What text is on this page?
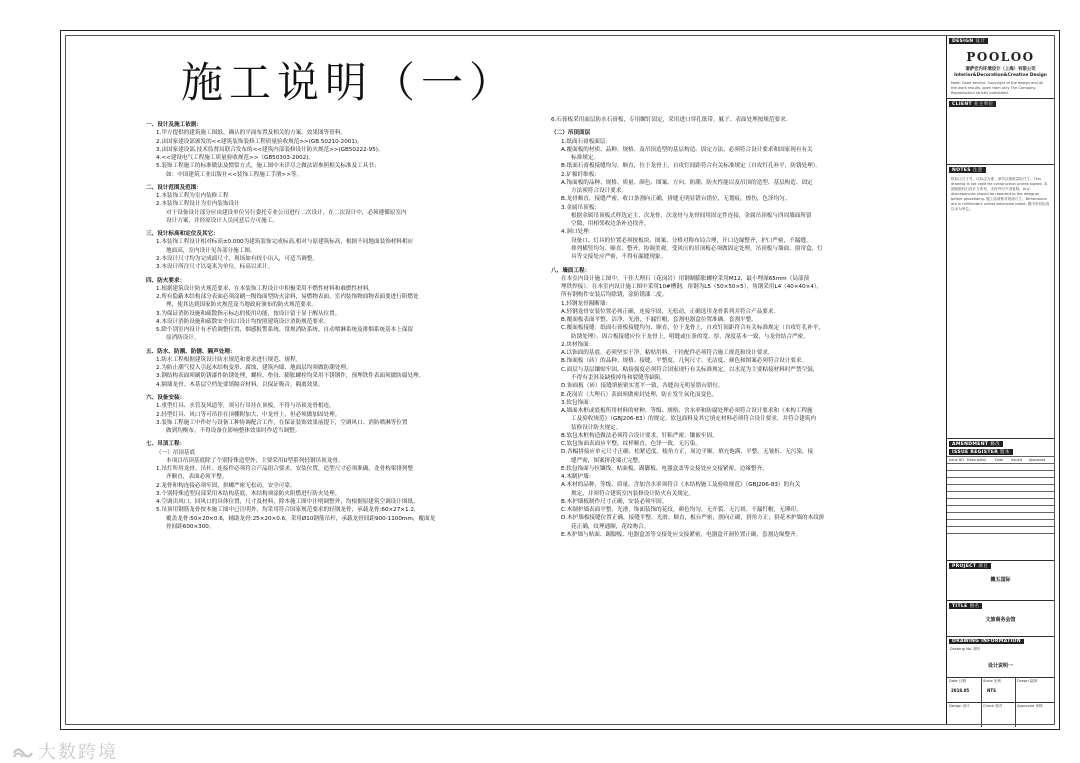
施工说明（一）
一、设计及施工依据：
1.甲方提供的建筑施工图纸、确认的平面布置及相关的方案、效果图等资料。
2.由国家建设部颁发的<<建筑装饰装修工程质量验收规范>>(GB.50210-2001)。
3.由国家建设部,技术监督局联合发布的<<建筑内部装修设计防火规范>>(GB50222-95)。
4.<<建设电气工程施工质量验收规范>>（GB50303-2002)。
5.装饰工程施工的标准做法及惯常方式，施工图中未详尽之做法请参照相关标准及工具书；
如：中国建筑工业出版社<<装饰工程施工手册>>等。
二、设计范围及范围：
1.本装饰工程为室内装修工程
2.本装饰工程设计为室内装饰设计
对于设备设计部分应由建设单位另行委托专业公司进行二次设计，在二次设计中，必须遵循原室内
设计方案，并经原设计人员同意后方可施工。
三、设计标高和定位及其它：
1.本装饰工程设计相对标高±0.000为建筑装饰完成标高,相对与原建筑标高，根据不同地面装饰材料相应
地面高，室内设计见各部分施工图。
2.本设计尺寸均为完成面尺寸，现场如有较小出入，可适当调整。
3.本设计所注尺寸以毫米为单位，标高以米计。
四、防火要求：
1.根据建筑设计防火规范要求，在本装饰工程设计中积极采用不燃性材料和难燃性材料。
2.所有隐蔽木结构部分表面必须涂刷一级饰面型防火涂料，易燃物表面、室内装饰物面物表面要进行阻燃处
理，使其达到国家防火规范及当地政府颁布的防火规范要求。
3.为保证消防设施和疏散指示标志的使用功能，按设计留于显于醒从位置。
4.本设计消防设施和疏散安全出口设计均按照建筑设计消防规范要求。
5.除个别室内设计有矛盾调整位置，烟感报警系统、常规消防系统、自动喷淋系统及排烟系统基本上保留
原消防设计。
五、防水、防潮、防锈、隔声处理：
1.防水工程根据建筑设计防水规范和要求进行规范、规程。
2.为防止潮气侵入引起木结构变形、腐蚀，建筑内墙、地面层均须做防潮处理。
3.钢结构表面须刷防锈漆作防锈处理，螺栓、垫母、膨胀螺栓均采用不锈钢件，预埋铁件表面须做防腐处理。
4.隔墙龙骨、木基层空档处要填隔音材料，以保证吸音、隔离效果。
六、设备安装：
1.重型灯具、水管及风道等，须另行吊挂在顶板，不得与吊顶龙骨相连。
2.轻型灯具、风口等可吊挂在顶棚附加大、中龙骨上，但必须做加固处理。
3.装饰工程施工中作好与设备工种协调配合工作，在保证装饰效果前提下，空调风口、消防喷淋等位置
做到均衡布，不得设备在影响整体效果时作适当调整。
七、吊顶工程：
（一）吊顶基底
本项目吊顶基底除了个别特殊造型外，主要采用U型系列轻钢吊顶龙骨。
1.吊灯所用龙骨、吊杆、连接件必须符合产品组合要求，安装位置，造型尺寸必须准确，龙骨构架排列整
齐顺直，表面必须平整。
2.龙骨和构连接必须牢固，拼螺严密无松动，安全可靠。
3.个别特殊造型局部采用木结构基底，木结构须涂防火阻燃进行防火处理。
4.空调出风口、回风口的具体位置，尺寸及材料，除本施工图中注明调整外，均根据原建筑空调设计图纸。
5.吊顶用钢筋龙骨按本施工图中已注明外，均采用符合国家规范要求的轻钢龙骨，承载龙骨:60×27×1.2,
覆盖龙骨:50×20×0.6，辅助龙骨:25×20×0.6，采用Ø10钢筋吊杆，承载龙骨间距900-1100mm，覆面龙
骨间距600×300。
6.石膏板采用面层防水石膏板，专用螺钉固定，采用进口穿孔纸带，腻子、表面处理按规范要求。
（二）吊顶面层
1.纸面石膏板面层：
A.覆面板的材质、品种、规格、及吊顶造型的基层构造、固定方法，必须符合设计要求和国家现有有关
标准规定。
B.纸面石膏板接缝均匀、顺直，位于龙骨上，自攻钉间距符合有关标准规定（自攻钉孔补平，防锈处理）。
2.矿棉纤维板：
A.饰面板的品种、规格、质量、颜色、图案、方向、防潮、防火性能以及吊顶的造型、基层构造、固定
方法须符合设计要求。
B.龙骨顺直，接缝严密，收口条割向正确，拼缝无明显错台错位，无划痕，擦伤，色泽均匀。
3.金属吊顶板：
根据金属吊顶板式样选定主、次龙骨，次龙骨与龙骨间用固定件连接，金属吊顶板与四周墙面所留
空隙，用相邻收边条补边找齐。
4.洞口处理：
设备口、灯具的位置必须按板块、图案、分格对称布局合理，开口边缘整齐，护口严密，不漏缝，
排列横竖均匀、顺直、整齐、协调美观，受风压的吊顶板必须做固定处理，吊顶板与墙面、窗帘盒、灯
具等交接处应严密，不得有漏缝现象。
八、墙面工程：
在本室内设计施工图中，干挂大理石（花岗岩）用钢制膨胀螺栓采用M12，最小埋深65mm（局部预
埋铁焊接）。在本室内设计施工图中采用10#槽钢，角钢为L5（50×50×5），角钢采用L4（40×40×4），
所有钢构件安装后均除锈，涂防锈漆二度。
1.轻钢龙骨隔断墙：
A.轻钢龙骨安装位置必须正确，连接牢固，无松动，正确选用龙骨系列并符合产品要求。
B.覆面板表面平整、洁净、光滑，不漏钉帽，套割电器盒位置准确，套割平整。
C.覆面板接缝：纸面石膏板接缝均匀、顺直，位于龙骨上，自攻钉间距符合有关标准规定（自攻钉孔补平，
防锈处理）。固合板接缝应位于龙骨上，明缝或压条的宽、厚、深度基本一致，与龙骨结合严密。
2.块材饰面：
A.以饰面的基底，必须坚实干净，粘贴用料，干挂配件必须符合施工规范和设计要求。
B.饰面板（砖）的品种、规格、接缝、平整度、几何尺寸、光洁度、颜色和图案必须符合设计要求。
C.面层与基层镶贴牢固，粘接强度必须符合国家现行有关标准规定。以水泥为主要粘接材料时严禁空鼓，
不得有歪斜及缺棱掉角和裂缝等缺陷。
D.饰面板（砖）接缝填嵌密实宽平一致，各缝沟无明显错台错位。
E.花岗岩（大理石）表面须做密封处理，防止发生氧化而变色。
3.软包饰面：
A.墙面木框或底板所用材料的材种、等级、规格、含水率和防腐处理必须符合设计要求和《木构工程施
工及验收规范》（GBJ206-83）的规定。软包面料及其它填充材料必须符合设计要求，并符合建筑内
装修设计防火规定。
B.软包木框构造做法必须符合设计要求，钉粘严密，镶嵌牢固。
C.软包饰面表面应平整、纹样顺直，色泽一致，无污染。
D.各幅拼接应单元尺寸正确、松紧适度、棱角方正，周边平顺、填充饱满、平整、无皱折、无污染，接
缝严密，图案拼花端正完整。
E.软包饰面与拉镶线、贴面板、踢脚板、电器盒盖等交接处应交接紧密，边缘整齐。
4.木制护墙：
A.木材的品种，等级、质量、含加含水率须符合《木结构施工及验收规范》（GBJ206-83）的有关
规定，并须符合建筑室内装修设计防火有关规定。
B.木护墙板制作尺寸正确，安装必须牢固。
C.木制护墙表面平整、光滑，饰面装饰的花纹，颜色均匀，无开裂、无污斑、不漏钉帽，无锤印。
D.木护墙板接缝位置正确，接缝平整、光滑、顺直，板台严密，割向正确，拼角方正；拼花木护墙的木纹拼
花正确，纹理通顺，花纹吻合。
E.木护墙与贴面、踢脚板、电器盒盖等交接处应交接紧密，电器盒开洞位置正确，套割边缘整齐。
DESIGN 设计
POOLOO
谱萨宏内环境设计（上海）有限公司
Interior&Decoration&Creative Design
Note: Good service. Copyright of the design and all the work results, open from only The Company. Reproduction strictly prohibited.
CLIENT 业主单位
NOTES 注意
除标注尺寸外，以标注为准；请勿从图纸量取尺寸。This drawing is not valid for construction unless signed. 本图纸版权归设计方所有，未经许可不得复制。Any discrepancies should be reported to the designer before proceeding. 施工前请核对现场尺寸。Dimensions are in millimeters unless otherwise noted. 图中所有标高以米为单位。
AMENDMENT 修改
ISSUE REGISTER 版本
Issue NO. Description	Date Issued Approved
PROJECT 项目
赣五国际
TITLE 图名
文旅商务会馆
DRAWING INFORMATION
Drawing No. 图号
设计说明一
Date 日期	Scale 比例	Drawn 绘图
Design 设计	Check 校对	Approved 审核
2018.05	NTS
大数跨境
